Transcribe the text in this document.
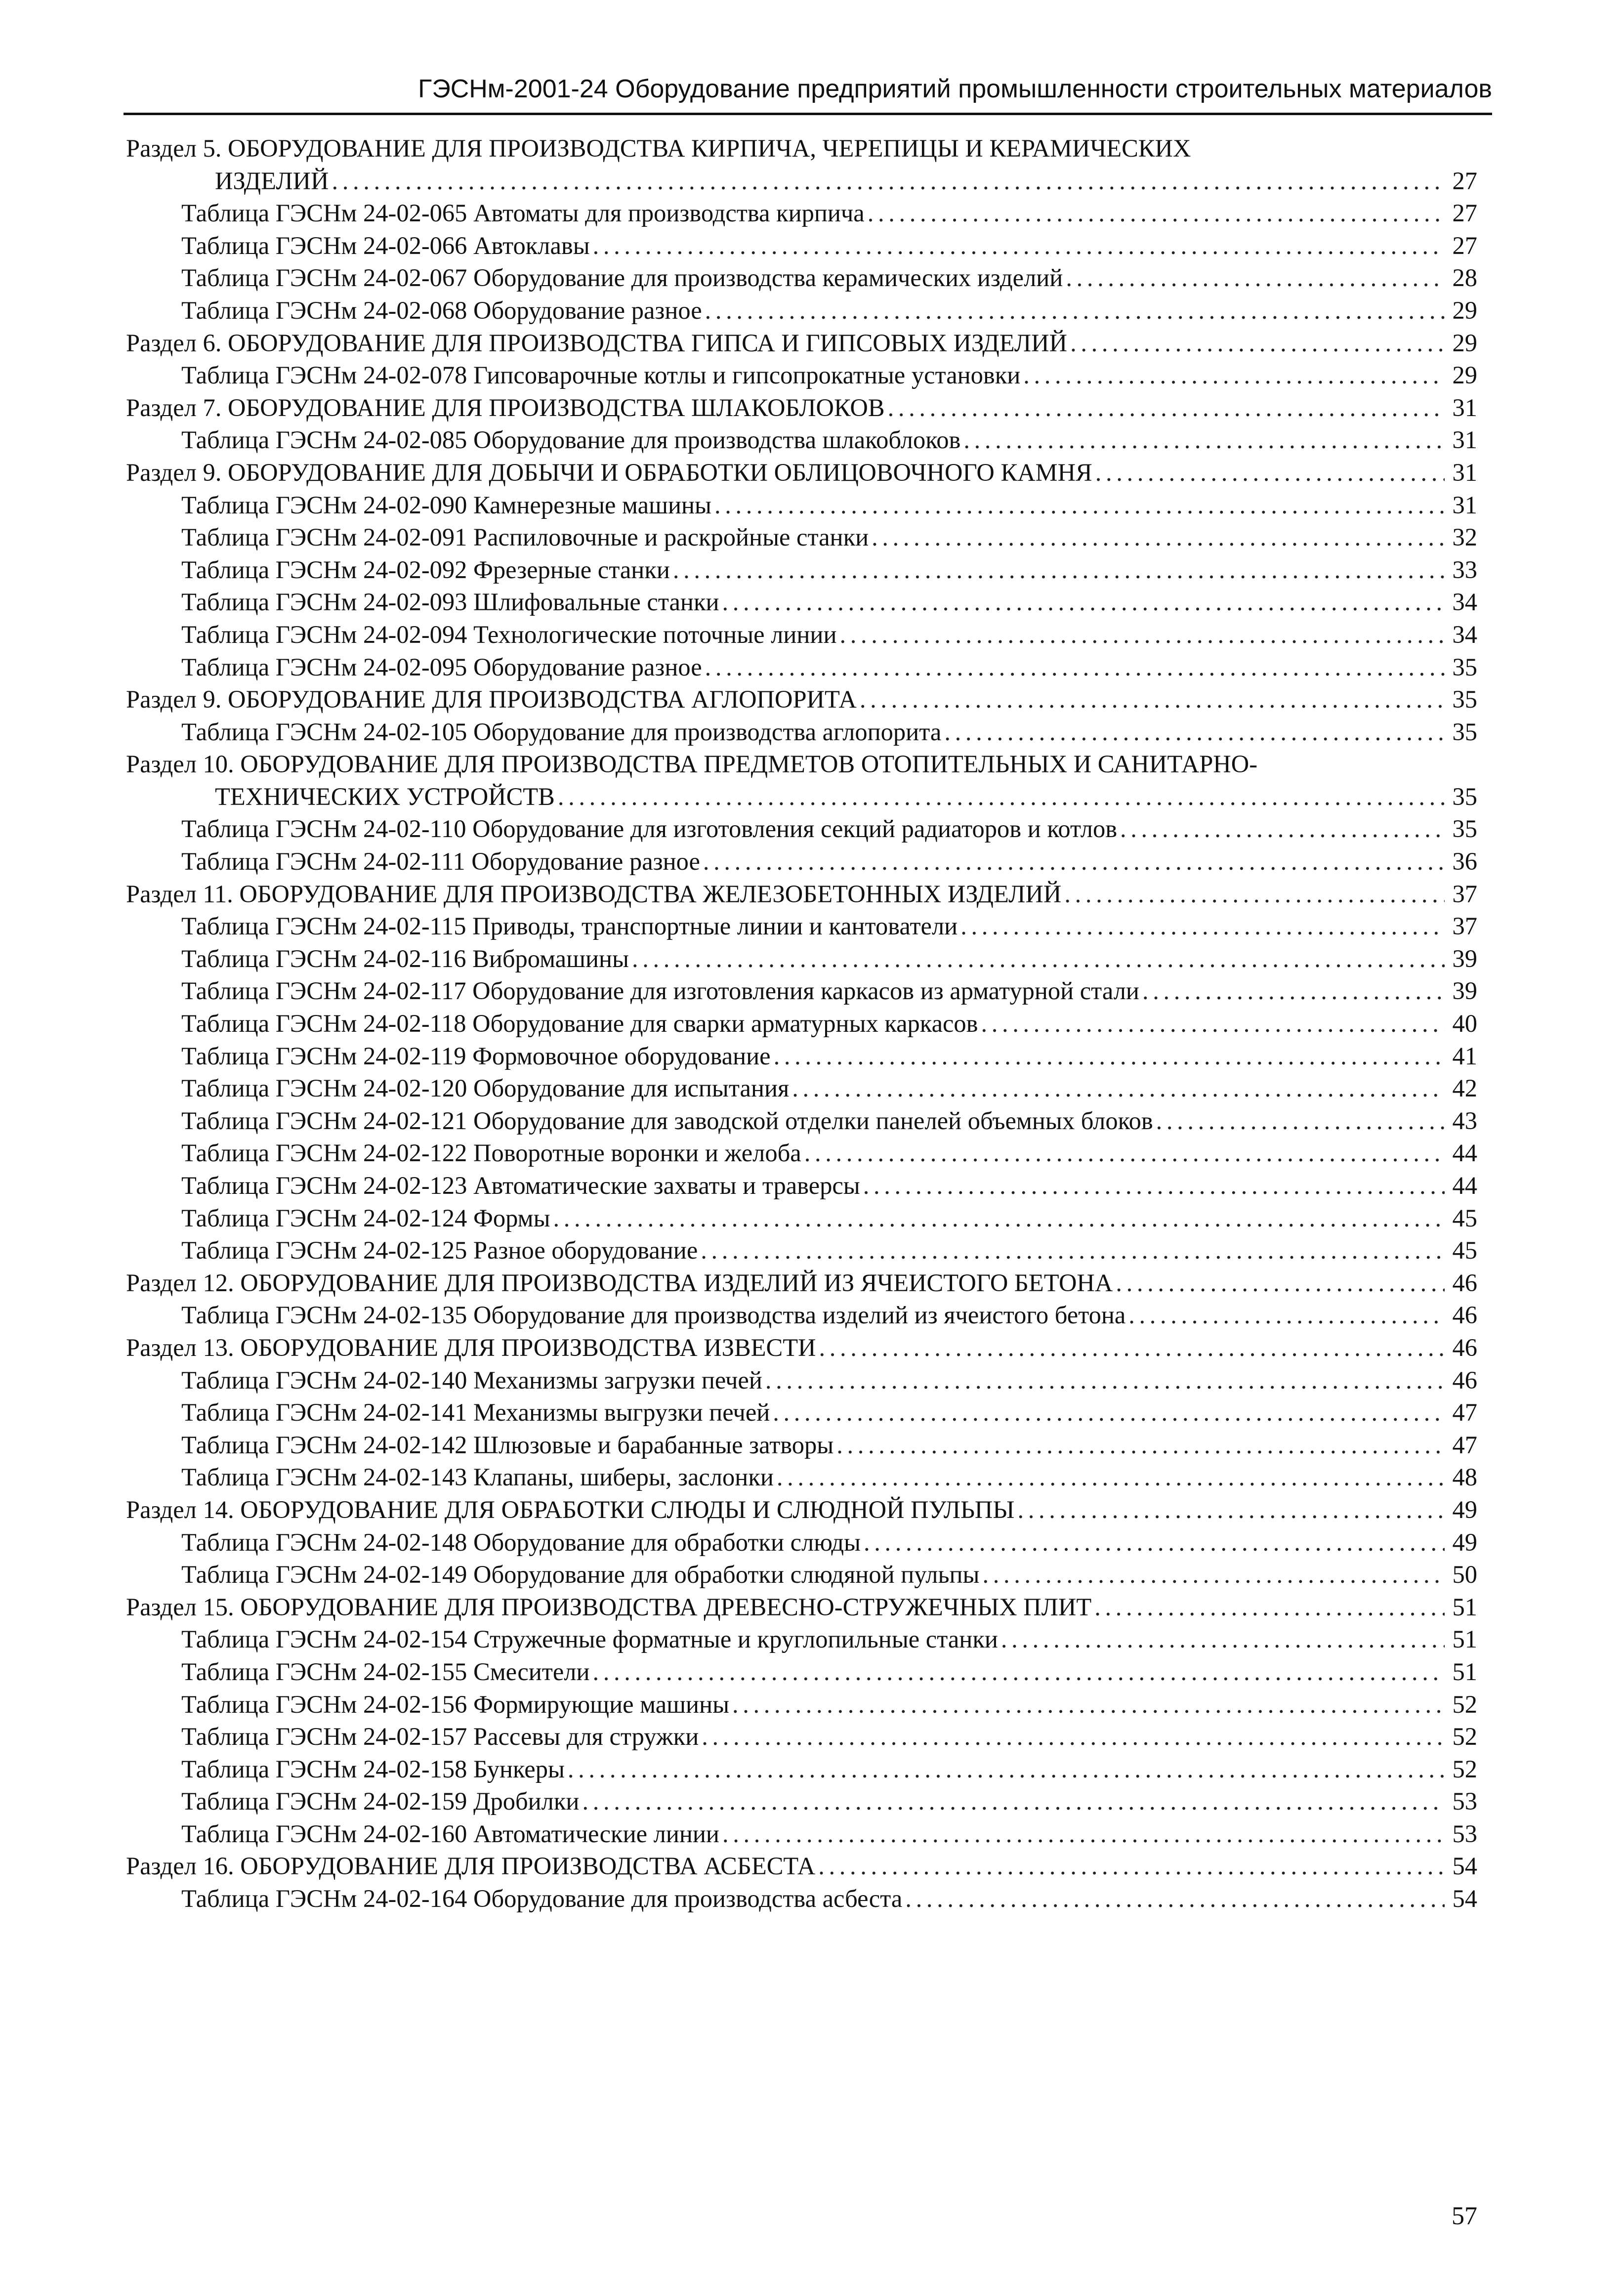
ГЭСНм-2001-24 Оборудование предприятий промышленности строительных материалов
Раздел 5. ОБОРУДОВАНИЕ ДЛЯ ПРОИЗВОДСТВА КИРПИЧА, ЧЕРЕПИЦЫ И КЕРАМИЧЕСКИХ
ИЗДЕЛИЙ . . .	27
Таблица ГЭСНм 24-02-065 Автоматы для производства кирпича . . .	27
Таблица ГЭСНм 24-02-066 Автоклавы . . .	27
Таблица ГЭСНм 24-02-067 Оборудование для производства керамических изделий . . .	28
Таблица ГЭСНм 24-02-068 Оборудование разное . . .	29
Раздел 6. ОБОРУДОВАНИЕ ДЛЯ ПРОИЗВОДСТВА ГИПСА И ГИПСОВЫХ ИЗДЕЛИЙ . . .	29
Таблица ГЭСНм 24-02-078 Гипсоварочные котлы и гипсопрокатные установки . . .	29
Раздел 7. ОБОРУДОВАНИЕ ДЛЯ ПРОИЗВОДСТВА ШЛАКОБЛОКОВ . . .	31
Таблица ГЭСНм 24-02-085 Оборудование для производства шлакоблоков . . .	31
Раздел 9. ОБОРУДОВАНИЕ ДЛЯ ДОБЫЧИ И ОБРАБОТКИ ОБЛИЦОВОЧНОГО КАМНЯ . . .	31
Таблица ГЭСНм 24-02-090 Камнерезные машины . . .	31
Таблица ГЭСНм 24-02-091 Распиловочные и раскройные станки . . .	32
Таблица ГЭСНм 24-02-092 Фрезерные станки . . .	33
Таблица ГЭСНм 24-02-093 Шлифовальные станки . . .	34
Таблица ГЭСНм 24-02-094 Технологические поточные линии . . .	34
Таблица ГЭСНм 24-02-095 Оборудование разное . . .	35
Раздел 9. ОБОРУДОВАНИЕ ДЛЯ ПРОИЗВОДСТВА АГЛОПОРИТА . . .	35
Таблица ГЭСНм 24-02-105 Оборудование для производства аглопорита . . .	35
Раздел 10. ОБОРУДОВАНИЕ ДЛЯ ПРОИЗВОДСТВА ПРЕДМЕТОВ ОТОПИТЕЛЬНЫХ И САНИТАРНО-
ТЕХНИЧЕСКИХ УСТРОЙСТВ . . .	35
Таблица ГЭСНм 24-02-110 Оборудование для изготовления секций радиаторов и котлов . . .	35
Таблица ГЭСНм 24-02-111 Оборудование разное . . .	36
Раздел 11. ОБОРУДОВАНИЕ ДЛЯ ПРОИЗВОДСТВА ЖЕЛЕЗОБЕТОННЫХ ИЗДЕЛИЙ . . .	37
Таблица ГЭСНм 24-02-115 Приводы, транспортные линии и кантователи . . .	37
Таблица ГЭСНм 24-02-116 Вибромашины . . .	39
Таблица ГЭСНм 24-02-117 Оборудование для изготовления каркасов из арматурной стали . . .	39
Таблица ГЭСНм 24-02-118 Оборудование для сварки арматурных каркасов . . .	40
Таблица ГЭСНм 24-02-119 Формовочное оборудование . . .	41
Таблица ГЭСНм 24-02-120 Оборудование для испытания . . .	42
Таблица ГЭСНм 24-02-121 Оборудование для заводской отделки панелей объемных блоков . . .	43
Таблица ГЭСНм 24-02-122 Поворотные воронки и желоба . . .	44
Таблица ГЭСНм 24-02-123 Автоматические захваты и траверсы . . .	44
Таблица ГЭСНм 24-02-124 Формы . . .	45
Таблица ГЭСНм 24-02-125 Разное оборудование . . .	45
Раздел 12. ОБОРУДОВАНИЕ ДЛЯ ПРОИЗВОДСТВА ИЗДЕЛИЙ ИЗ ЯЧЕИСТОГО БЕТОНА . . .	46
Таблица ГЭСНм 24-02-135 Оборудование для производства изделий из ячеистого бетона . . .	46
Раздел 13. ОБОРУДОВАНИЕ ДЛЯ ПРОИЗВОДСТВА ИЗВЕСТИ . . .	46
Таблица ГЭСНм 24-02-140 Механизмы загрузки печей . . .	46
Таблица ГЭСНм 24-02-141 Механизмы выгрузки печей . . .	47
Таблица ГЭСНм 24-02-142 Шлюзовые и барабанные затворы . . .	47
Таблица ГЭСНм 24-02-143 Клапаны, шиберы, заслонки . . .	48
Раздел 14. ОБОРУДОВАНИЕ ДЛЯ ОБРАБОТКИ СЛЮДЫ И СЛЮДНОЙ ПУЛЬПЫ . . .	49
Таблица ГЭСНм 24-02-148 Оборудование для обработки слюды . . .	49
Таблица ГЭСНм 24-02-149 Оборудование для обработки слюдяной пульпы . . .	50
Раздел 15. ОБОРУДОВАНИЕ ДЛЯ ПРОИЗВОДСТВА ДРЕВЕСНО-СТРУЖЕЧНЫХ ПЛИТ . . .	51
Таблица ГЭСНм 24-02-154 Стружечные форматные и круглопильные станки . . .	51
Таблица ГЭСНм 24-02-155 Смесители . . .	51
Таблица ГЭСНм 24-02-156 Формирующие машины . . .	52
Таблица ГЭСНм 24-02-157 Рассевы для стружки . . .	52
Таблица ГЭСНм 24-02-158 Бункеры . . .	52
Таблица ГЭСНм 24-02-159 Дробилки . . .	53
Таблица ГЭСНм 24-02-160 Автоматические линии . . .	53
Раздел 16. ОБОРУДОВАНИЕ ДЛЯ ПРОИЗВОДСТВА АСБЕСТА . . .	54
Таблица ГЭСНм 24-02-164 Оборудование для производства асбеста . . .	54
57
